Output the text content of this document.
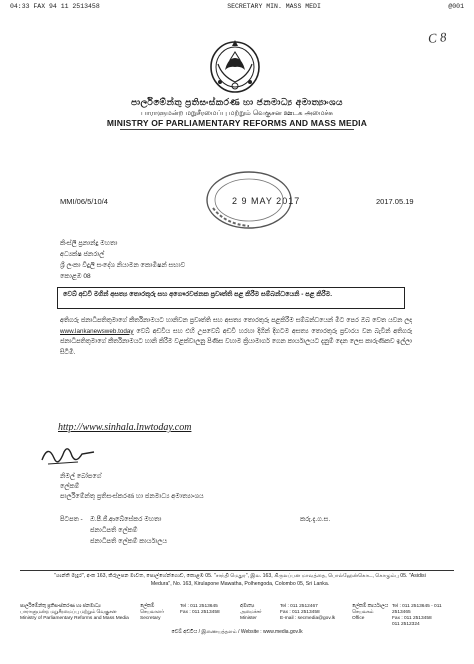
04:33 FAX 94 11 2513458	SECRETARY MIN. MASS MEDI	@001
C 8
පාර්ලිමේන්තු ප්‍රතිසංස්කරණ හා ජනමාධ්‍ය අමාත්‍යාංශය
பாராளுமன்ற மறுசீரமைப்பு மற்றும் வெகுசன ஊடக அமைச்சு
MINISTRY OF PARLIAMENTARY REFORMS AND MASS MEDIA
2 9 MAY 2017
MMI/06/5/10/4	2017.05.19
කිංස්ලි ප්‍රනාන්දු මහතා
අධ්‍යක්ෂ ජනරාල්
ශ්‍රී ලංකා විදුලි සංදේශ නියාමන කොමිෂන් සභාව
කොළඹ 08
වෙබ් අඩවි මගින් අසත්‍ය තොරතුරු සහ අගෞරවජනක ප්‍රවෘත්ති පළ කිරීම සම්බන්ධයෙනි - පළ කිරීම.
අතිගරු ජනාධිපතිතුමාගේ කීර්තිනාමයට හානිවන ප්‍රවෘත්ති සහ අසත්‍ය තොරතුරු පළකිරීම සම්බන්ධයෙන් මීට පෙර ඔබ වෙත යවන ලද www.lankanewsweb.today වෙබ් අඩවිය සහ එහි උපවෙබ් අඩවි හරහා දිගින් දිගටම අසත්‍ය තොරතුරු ප්‍රචාරය වන බැවින් අතිගරු ජනාධිපතිතුමාගේ කීර්තිනාමයට හානි කිරීම වළක්වාලනු පිණිස වහාම ක්‍රියාමාර්ග ගෙන කාර්යාලයට දැනුම් දෙන ලෙස කාරුණිකව ඉල්ලා සිටිමි.
http://www.sinhala.lnwtoday.com
නිමල් බෝපගේ
ලේකම්
පාර්ලිමේන්තු ප්‍රතිසංස්කරණ හා ජනමාධ්‍ය අමාත්‍යාංශය
පිටපත - ඔ.පී.ජී.ආබේසේකර මහතා
ජනාධිපති ලේකම්
ජනාධිපති ලේකම් කාර්යාලය
කරු.දැ.ග.ස.
"ශාන්ති මැදුර", අංක 163, කිරුලපන මාවත, පොල්හේන්ගොඩ, කොළඹ 05. "சாந்தி மெதுர", இல. 163, கிருலப்பன மாவத்தை, பொல்ஹேன்கொட, கொழும்பு 05. "Asidisi Medura", No. 163, Kirulapone Mawatha, Polhengoda, Colombo 05, Sri Lanka.
පාර්ලිමේන්තු ප්‍රතිසංස්කරණ හා ජනමාධ්‍ය
பாராளுமன்ற மறுசீரமைப்பு மற்றும் வெகுசன
Ministry of Parliamentary Reforms and Mass Media
ලේකම්
செயலாளர்
Secretary
Tel : 011 2513645
Fax : 011 2513458
අමාත්‍ය
அமைச்சர்
Minister
Tel : 011 2512467
Fax : 011 2513458
E-mail : secmedia@gov.lk
ලේකම් කාර්යාලය
செயலகம்
Office
Tel : 011 2513645 - 011 2513465
Fax : 011 2513458
011 2512324
වෙබ් අඩවිය / இணையத்தளம் / Website : www.media.gov.lk
